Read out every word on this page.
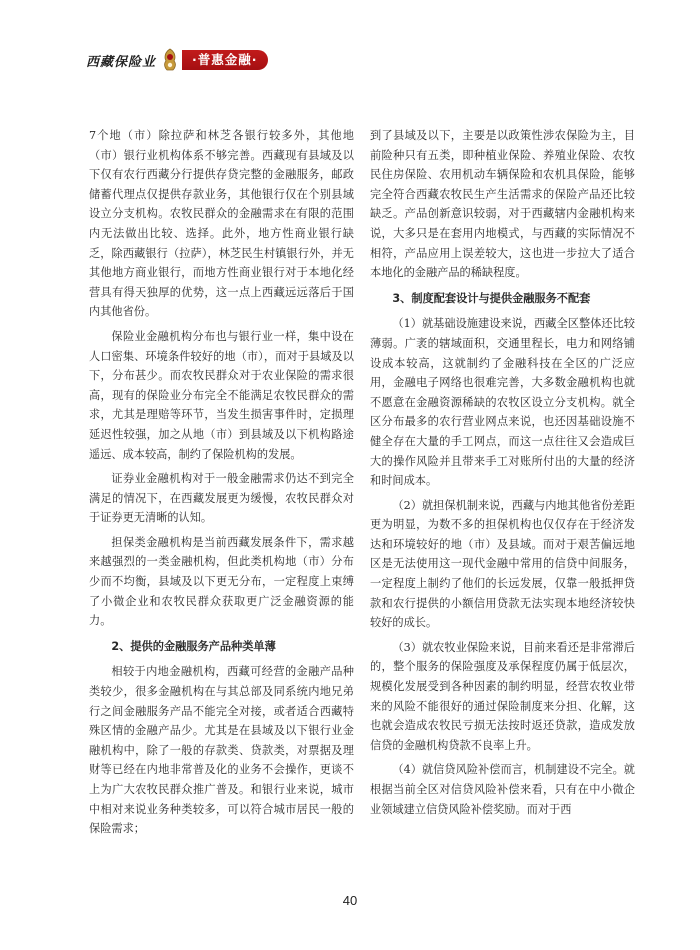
西藏保险业	·普惠金融·

7个地（市）除拉萨和林芝各银行较多外，其他地（市）银行业机构体系不够完善。西藏现有县域及以下仅有农行西藏分行提供存贷完整的金融服务，邮政储蓄代理点仅提供存款业务，其他银行仅在个别县域设立分支机构。农牧民群众的金融需求在有限的范围内无法做出比较、选择。此外，地方性商业银行缺乏，除西藏银行（拉萨），林芝民生村镇银行外，并无其他地方商业银行，而地方性商业银行对于本地化经营具有得天独厚的优势，这一点上西藏远远落后于国内其他省份。

保险业金融机构分布也与银行业一样，集中设在人口密集、环境条件较好的地（市），而对于县域及以下，分布甚少。而农牧民群众对于农业保险的需求很高，现有的保险业分布完全不能满足农牧民群众的需求，尤其是理赔等环节，当发生损害事件时，定损理延迟性较强，加之从地（市）到县域及以下机构路途遥远、成本较高，制约了保险机构的发展。

证券业金融机构对于一般金融需求仍达不到完全满足的情况下，在西藏发展更为缓慢，农牧民群众对于证券更无清晰的认知。

担保类金融机构是当前西藏发展条件下，需求越来越强烈的一类金融机构，但此类机构地（市）分布少而不均衡，县域及以下更无分布，一定程度上束缚了小微企业和农牧民群众获取更广泛金融资源的能力。

2、提供的金融服务产品种类单薄

相较于内地金融机构，西藏可经营的金融产品种类较少，很多金融机构在与其总部及同系统内地兄弟行之间金融服务产品不能完全对接，或者适合西藏特殊区情的金融产品少。尤其是在县域及以下银行业金融机构中，除了一般的存款类、贷款类，对票据及理财等已经在内地非常普及化的业务不会操作，更谈不上为广大农牧民群众推广普及。和银行业来说，城市中相对来说业务种类较多，可以符合城市居民一般的保险需求；

到了县域及以下，主要是以政策性涉农保险为主，目前险种只有五类，即种植业保险、养殖业保险、农牧民住房保险、农用机动车辆保险和农机具保险，能够完全符合西藏农牧民生产生活需求的保险产品还比较缺乏。产品创新意识较弱，对于西藏辖内金融机构来说，大多只是在套用内地模式，与西藏的实际情况不相符，产品应用上误差较大，这也进一步拉大了适合本地化的金融产品的稀缺程度。

3、制度配套设计与提供金融服务不配套

（1）就基础设施建设来说，西藏全区整体还比较薄弱。广袤的辖域面积，交通里程长，电力和网络铺设成本较高，这就制约了金融科技在全区的广泛应用，金融电子网络也很难完善，大多数金融机构也就不愿意在金融资源稀缺的农牧区设立分支机构。就全区分布最多的农行营业网点来说，也还因基础设施不健全存在大量的手工网点，而这一点往往又会造成巨大的操作风险并且带来手工对账所付出的大量的经济和时间成本。

（2）就担保机制来说，西藏与内地其他省份差距更为明显，为数不多的担保机构也仅仅存在于经济发达和环境较好的地（市）及县域。而对于艰苦偏远地区是无法使用这一现代金融中常用的信贷中间服务，一定程度上制约了他们的长远发展，仅靠一般抵押贷款和农行提供的小额信用贷款无法实现本地经济较快较好的成长。

（3）就农牧业保险来说，目前来看还是非常滞后的，整个服务的保险强度及承保程度仍属于低层次，规模化发展受到各种因素的制约明显，经营农牧业带来的风险不能很好的通过保险制度来分担、化解，这也就会造成农牧民亏损无法按时返还贷款，造成发放信贷的金融机构贷款不良率上升。

（4）就信贷风险补偿而言，机制建设不完全。就根据当前全区对信贷风险补偿来看，只有在中小微企业领域建立信贷风险补偿奖励。而对于西

40
